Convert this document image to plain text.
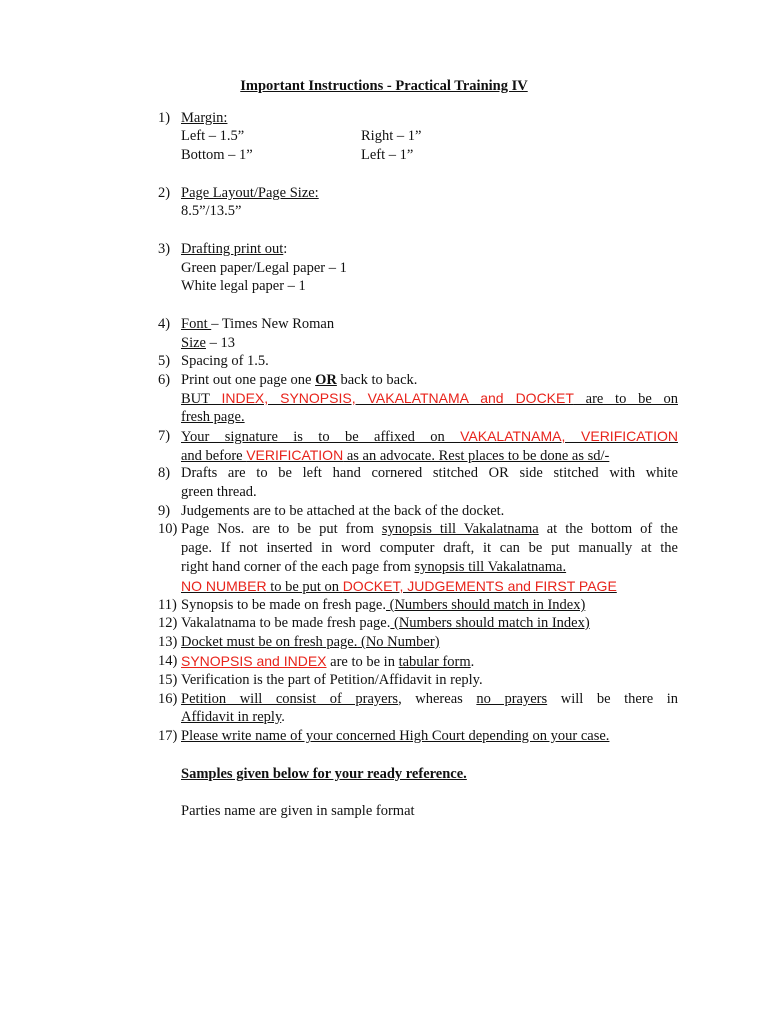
Important Instructions - Practical Training IV
1) Margin:
Left – 1.5”	Right – 1”
Bottom – 1”	Left – 1”
2) Page Layout/Page Size:
8.5”/13.5”
3) Drafting print out:
Green paper/Legal paper – 1
White legal paper – 1
4) Font – Times New Roman
Size – 13
5) Spacing of 1.5.
6) Print out one page one OR back to back.
BUT INDEX, SYNOPSIS, VAKALATNAMA and DOCKET are to be on
fresh page.
7) Your signature is to be affixed on VAKALATNAMA, VERIFICATION
and before VERIFICATION as an advocate. Rest places to be done as sd/-
8) Drafts are to be left hand cornered stitched OR side stitched with white
green thread.
9) Judgements are to be attached at the back of the docket.
10) Page Nos. are to be put from synopsis till Vakalatnama at the bottom of the
page. If not inserted in word computer draft, it can be put manually at the
right hand corner of the each page from synopsis till Vakalatnama.
NO NUMBER to be put on DOCKET, JUDGEMENTS and FIRST PAGE
11) Synopsis to be made on fresh page. (Numbers should match in Index)
12) Vakalatnama to be made fresh page. (Numbers should match in Index)
13) Docket must be on fresh page. (No Number)
14) SYNOPSIS and INDEX are to be in tabular form.
15) Verification is the part of Petition/Affidavit in reply.
16) Petition will consist of prayers, whereas no prayers will be there in
Affidavit in reply.
17) Please write name of your concerned High Court depending on your case.
Samples given below for your ready reference.
Parties name are given in sample format
